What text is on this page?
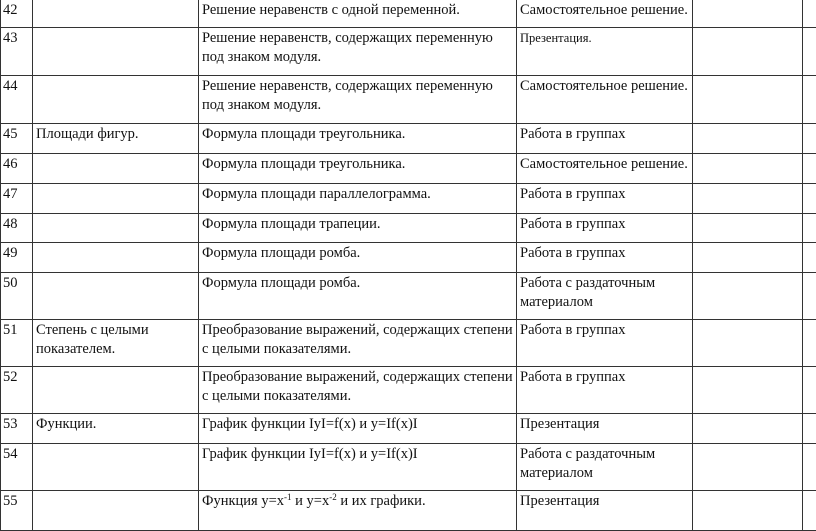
42		Решение неравенств с одной переменной.	Самостоятельное решение.		
43		Решение неравенств, содержащих переменную под знаком модуля.	Презентация.		
44		Решение неравенств, содержащих переменную под знаком модуля.	Самостоятельное решение.		
45	Площади фигур.	Формула площади треугольника.	Работа в группах		
46		Формула площади треугольника.	Самостоятельное решение.		
47		Формула площади параллелограмма.	Работа в группах		
48		Формула площади трапеции.	Работа в группах		
49		Формула площади ромба.	Работа в группах		
50		Формула площади ромба.	Работа с раздаточным материалом		
51	Степень с целыми показателем.	Преобразование выражений, содержащих степени с целыми показателями.	Работа в группах		
52		Преобразование выражений, содержащих степени с целыми показателями.	Работа в группах		
53	Функции.	График функции IyI=f(x) и y=If(x)I	Презентация		
54		График функции IyI=f(x) и y=If(x)I	Работа с раздаточным материалом		
55		Функция $y=x^{-1}$ и $y=x^{-2}$ и их графики.	Презентация		
